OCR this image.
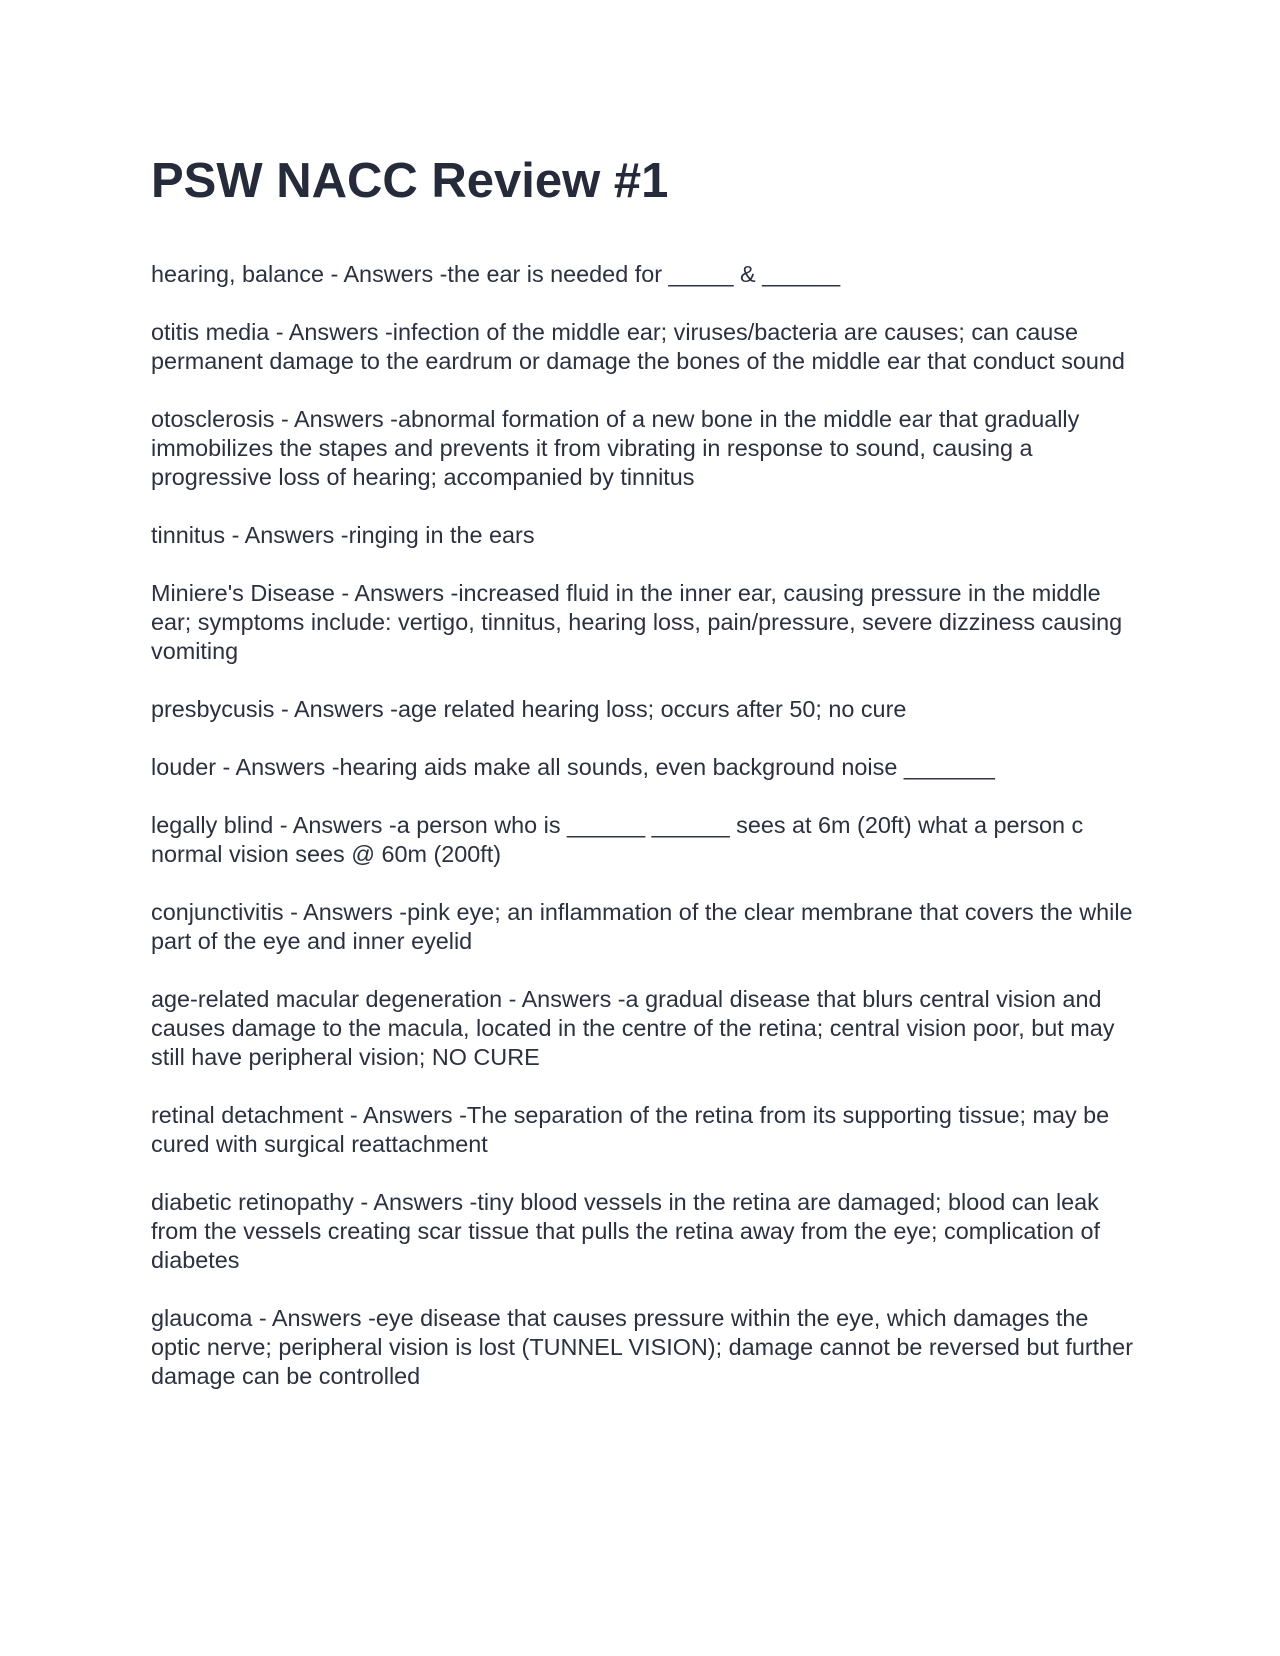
PSW NACC Review #1

hearing, balance - Answers -the ear is needed for _____ & ______

otitis media - Answers -infection of the middle ear; viruses/bacteria are causes; can cause permanent damage to the eardrum or damage the bones of the middle ear that conduct sound

otosclerosis - Answers -abnormal formation of a new bone in the middle ear that gradually immobilizes the stapes and prevents it from vibrating in response to sound, causing a progressive loss of hearing; accompanied by tinnitus

tinnitus - Answers -ringing in the ears

Miniere's Disease - Answers -increased fluid in the inner ear, causing pressure in the middle ear; symptoms include: vertigo, tinnitus, hearing loss, pain/pressure, severe dizziness causing vomiting

presbycusis - Answers -age related hearing loss; occurs after 50; no cure

louder - Answers -hearing aids make all sounds, even background noise _______

legally blind - Answers -a person who is ______ ______ sees at 6m (20ft) what a person c normal vision sees @ 60m (200ft)

conjunctivitis - Answers -pink eye; an inflammation of the clear membrane that covers the while part of the eye and inner eyelid

age-related macular degeneration - Answers -a gradual disease that blurs central vision and causes damage to the macula, located in the centre of the retina; central vision poor, but may still have peripheral vision; NO CURE

retinal detachment - Answers -The separation of the retina from its supporting tissue; may be cured with surgical reattachment

diabetic retinopathy - Answers -tiny blood vessels in the retina are damaged; blood can leak from the vessels creating scar tissue that pulls the retina away from the eye; complication of diabetes

glaucoma - Answers -eye disease that causes pressure within the eye, which damages the optic nerve; peripheral vision is lost (TUNNEL VISION); damage cannot be reversed but further damage can be controlled
